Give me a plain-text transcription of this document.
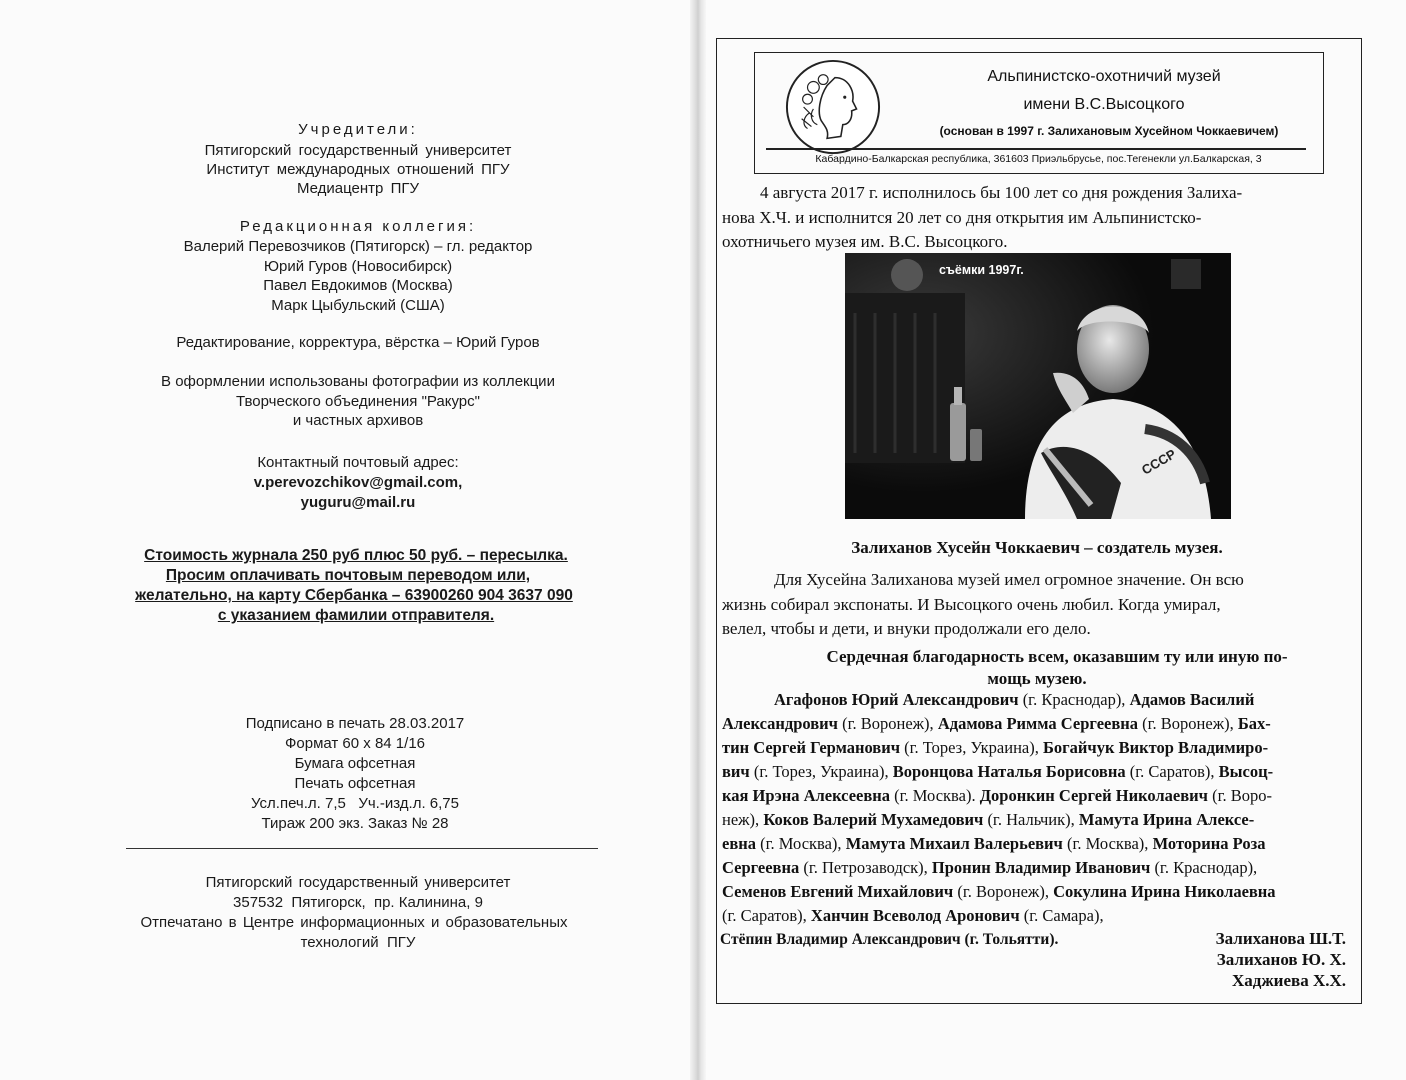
Учредители:
Пятигорский государственный университет
Институт международных отношений ПГУ
Медиацентр ПГУ
Редакционная коллегия:
Валерий Перевозчиков (Пятигорск) – гл. редактор
Юрий Гуров (Новосибирск)
Павел Евдокимов (Москва)
Марк Цыбульский (США)
Редактирование, корректура, вёрстка – Юрий Гуров
В оформлении использованы фотографии из коллекции
Творческого объединения "Ракурс"
и частных архивов
Контактный почтовый адрес:
v.perevozchikov@gmail.com,
yuguru@mail.ru
Стоимость журнала 250 руб плюс 50 руб. – пересылка.
Просим оплачивать почтовым переводом или,
желательно, на карту Сбербанка – 63900260 904 3637 090
с указанием фамилии отправителя.
Подписано в печать 28.03.2017
Формат 60 х 84 1/16
Бумага офсетная
Печать офсетная
Усл.печ.л. 7,5   Уч.-изд.л. 6,75
Тираж 200 экз. Заказ № 28
Пятигорский государственный университет
357532  Пятигорск,  пр. Калинина, 9
Отпечатано в Центре информационных и образовательных
технологий  ПГУ
Альпинистско-охотничий музей
имени В.С.Высоцкого
(основан в 1997 г. Залихановым Хусейном Чоккаевичем)
Кабардино-Балкарская республика, 361603 Приэльбрусье, пос.Тегенекли ул.Балкарская, 3
4 августа 2017 г. исполнилось бы 100 лет со дня рождения Залиха-
нова Х.Ч. и исполнится 20 лет со дня открытия им Альпинистско-
охотничьего музея им. В.С. Высоцкого.
СССР
съёмки 1997г.
Залиханов Хусейн Чоккаевич – создатель музея.
Для Хусейна Залиханова музей имел огромное значение. Он всю
жизнь собирал экспонаты. И Высоцкого очень любил. Когда умирал,
велел, чтобы и дети, и внуки продолжали его дело.
Сердечная благодарность всем, оказавшим ту или иную по-
мощь музею.
Агафонов Юрий Александрович (г. Краснодар), Адамов Василий
Александрович (г. Воронеж), Адамова Римма Сергеевна (г. Воронеж), Бах-
тин Сергей Германович (г. Торез, Украина), Богайчук Виктор Владимиро-
вич (г. Торез, Украина), Воронцова Наталья Борисовна (г. Саратов), Высоц-
кая Ирэна Алексеевна (г. Москва). Доронкин Сергей Николаевич (г. Воро-
неж), Коков Валерий Мухамедович (г. Нальчик), Мамута Ирина Алексе-
евна (г. Москва), Мамута Михаил Валерьевич (г. Москва), Моторина Роза
Сергеевна (г. Петрозаводск), Пронин Владимир Иванович (г. Краснодар),
Семенов Евгений Михайлович (г. Воронеж), Сокулина Ирина Николаевна
(г. Саратов), Ханчин Всеволод Аронович (г. Самара),
Стёпин Владимир Александрович (г. Тольятти).	Залиханова Ш.Т.
Залиханов Ю. Х.
Хаджиева Х.Х.
